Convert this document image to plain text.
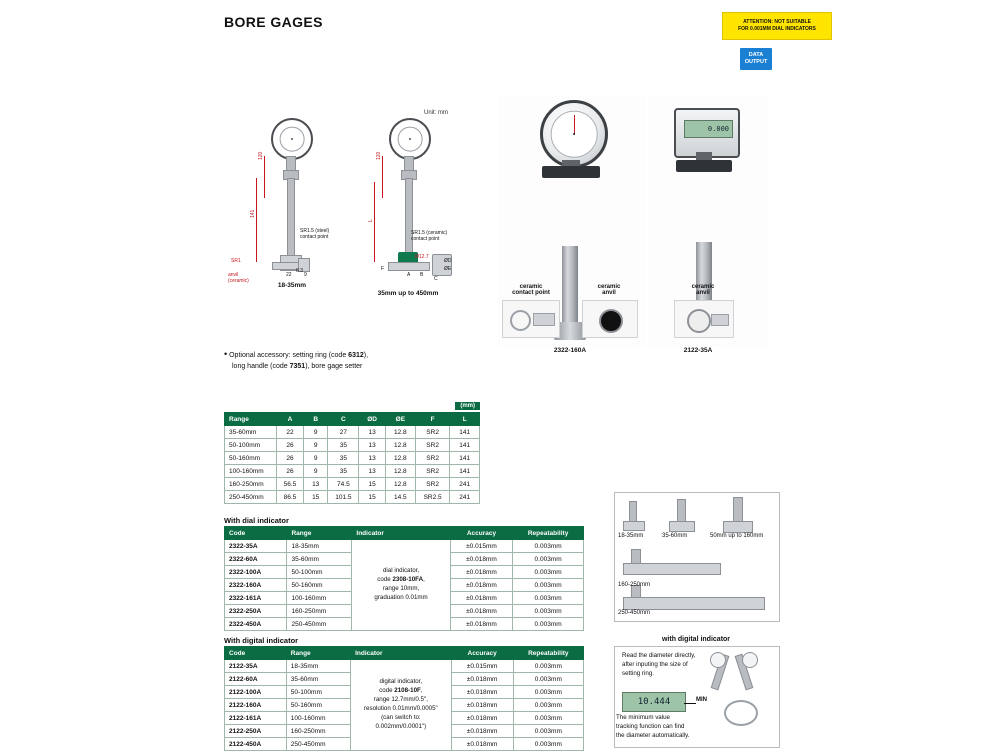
BORE GAGES	ATTENTION: NOT SUITABLE
FOR 0.001MM DIAL INDICATORS
DATA
OUTPUT
Unit: mm
120
141
SR1.5 (steel)
contact point
SR1
anvil (ceramic)
22 9
0.3
18-35mm
120
L
SR1.5 (ceramic)
contact point
F
A B
C
ØD
ØE
Ø12.7
35mm up to 450mm
ceramic
contact point
ceramic
anvil
2322-160A
0.000
ceramic
anvil
2122-35A
• Optional accessory: setting ring (code 6312),
long handle (code 7351), bore gage setter
(mm)
Range	A	B	C	ØD	ØE	F	L
35-60mm	22	9	27	13	12.8	SR2	141
50-100mm	26	9	35	13	12.8	SR2	141
50-160mm	26	9	35	13	12.8	SR2	141
100-160mm	26	9	35	13	12.8	SR2	141
160-250mm	56.5	13	74.5	15	12.8	SR2	241
250-450mm	86.5	15	101.5	15	14.5	SR2.5	241
With dial indicator
Code	Range	Indicator	Accuracy	Repeatability
2322-35A	18-35mm	dial indicator,
code 2308-10FA,
range 10mm,
graduation 0.01mm	±0.015mm	0.003mm
2322-60A	35-60mm		±0.018mm	0.003mm
2322-100A	50-100mm		±0.018mm	0.003mm
2322-160A	50-160mm		±0.018mm	0.003mm
2322-161A	100-160mm		±0.018mm	0.003mm
2322-250A	160-250mm		±0.018mm	0.003mm
2322-450A	250-450mm		±0.018mm	0.003mm
With digital indicator
Code	Range	Indicator	Accuracy	Repeatability
2122-35A	18-35mm	digital indicator,
code 2108-10F,
range 12.7mm/0.5",
resolution 0.01mm/0.0005"
(can switch to:
0.002mm/0.0001")	±0.015mm	0.003mm
2122-60A	35-60mm		±0.018mm	0.003mm
2122-100A	50-100mm		±0.018mm	0.003mm
2122-160A	50-160mm		±0.018mm	0.003mm
2122-161A	100-160mm		±0.018mm	0.003mm
2122-250A	160-250mm		±0.018mm	0.003mm
2122-450A	250-450mm		±0.018mm	0.003mm
18-35mm	35-60mm	50mm up to 160mm
160-250mm
250-450mm
with digital indicator
Read the diameter directly,
after inputing the size of
setting ring.
10.444	MIN
The minimum value
tracking function can find
the diameter automatically.
